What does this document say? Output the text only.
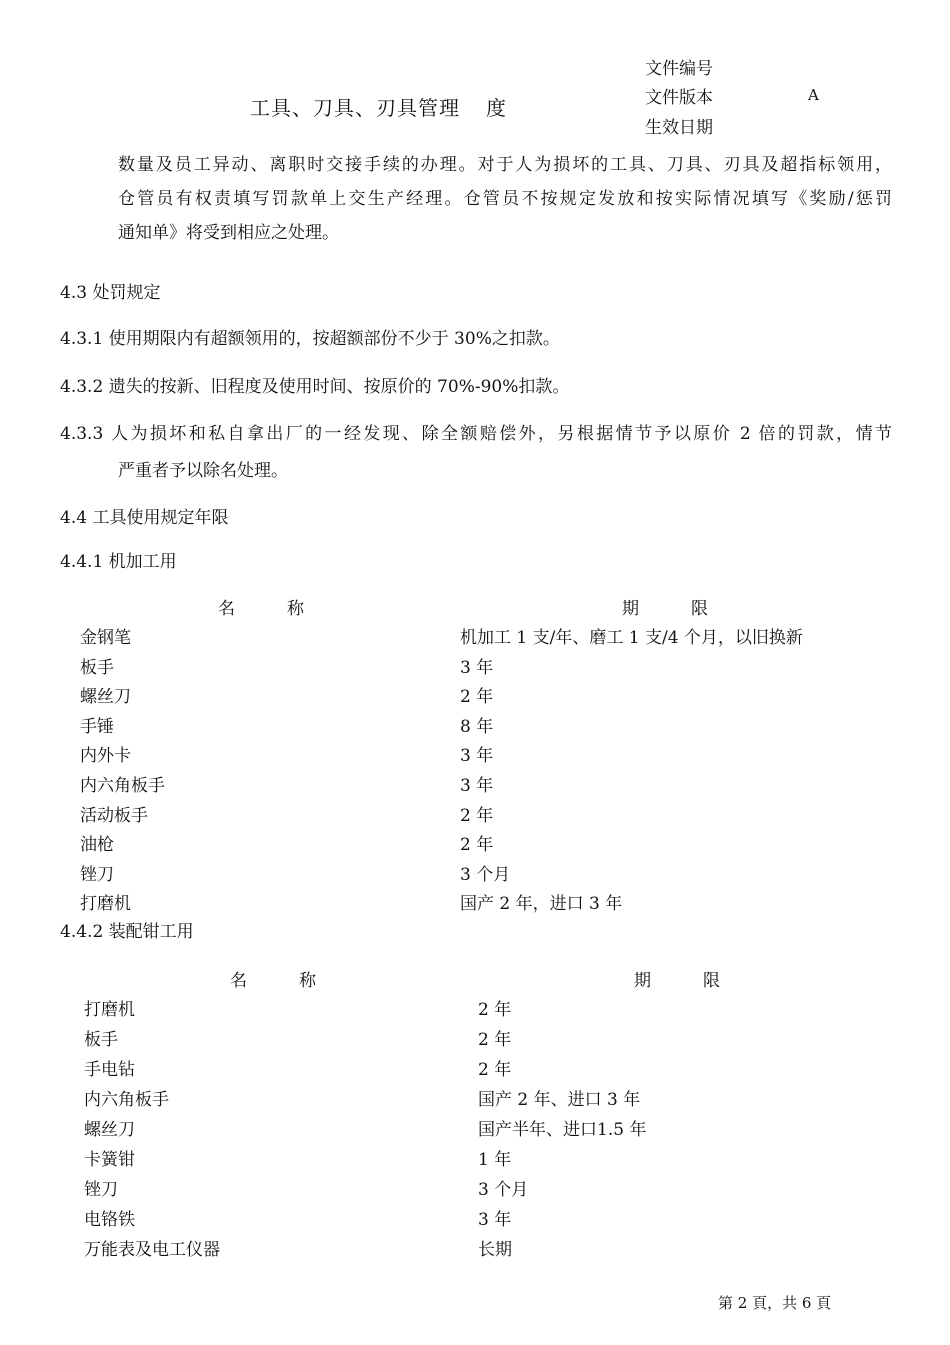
工具、刀具、刃具管理 度
文件编号
文件版本	A
生效日期
数量及员工异动、离职时交接手续的办理。对于人为损坏的工具、刀具、刃具及超指标领用，
仓管员有权责填写罚款单上交生产经理。仓管员不按规定发放和按实际情况填写《奖励/惩罚
通知单》将受到相应之处理。
4.3 处罚规定
4.3.1 使用期限内有超额领用的，按超额部份不少于 30%之扣款。
4.3.2 遗失的按新、旧程度及使用时间、按原价的 70%-90%扣款。
4.3.3 人为损坏和私自拿出厂的一经发现、除全额赔偿外，另根据情节予以原价 2 倍的罚款，情节
严重者予以除名处理。
4.4 工具使用规定年限
4.4.1 机加工用
名	称	期	限
金钢笔	机加工 1 支/年、磨工 1 支/4 个月，以旧换新
板手	3 年
螺丝刀	2 年
手锤	8 年
内外卡	3 年
内六角板手	3 年
活动板手	2 年
油枪	2 年
锉刀	3 个月
打磨机	国产 2 年，进口 3 年
4.4.2 装配钳工用
名	称	期	限
打磨机	2 年
板手	2 年
手电钻	2 年
内六角板手	国产 2 年、进口 3 年
螺丝刀	国产半年、进口1.5 年
卡簧钳	1 年
锉刀	3 个月
电铬铁	3 年
万能表及电工仪器	长期
第 2 頁，共 6 頁
